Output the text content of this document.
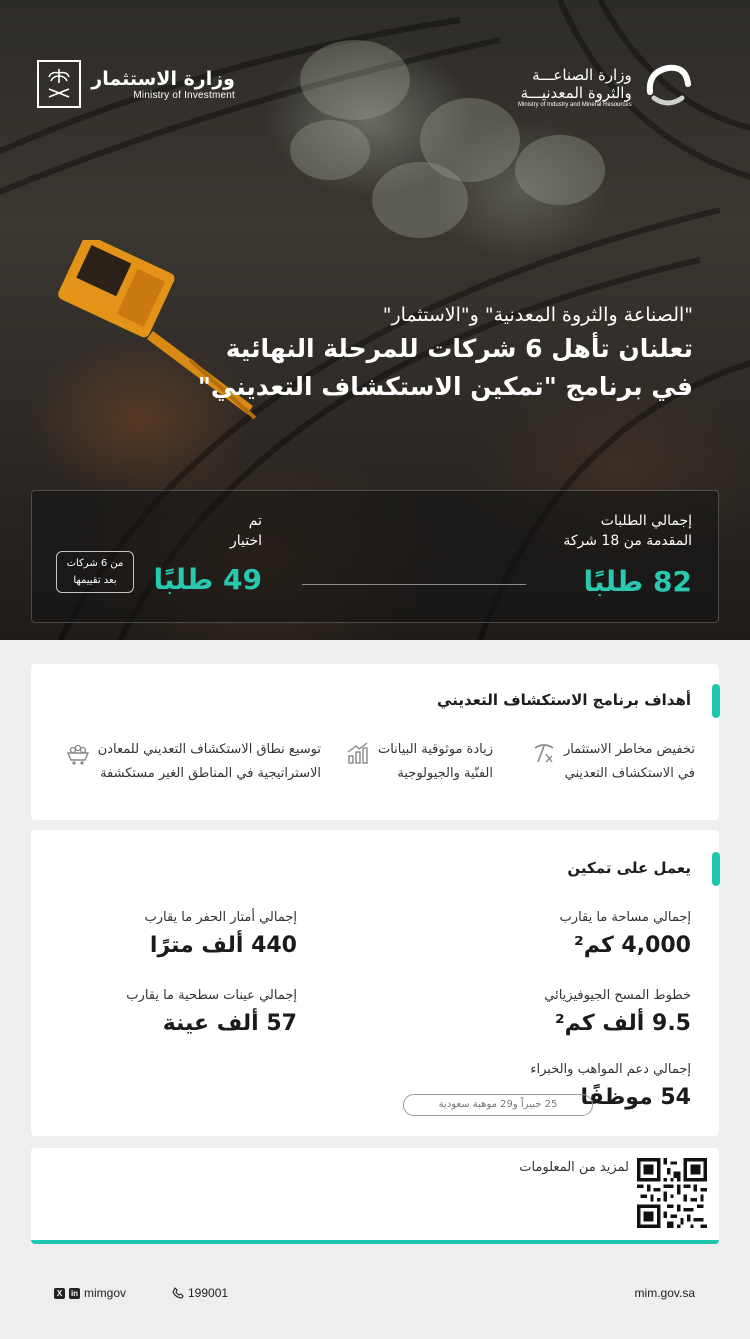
وزارة الاستثمار
Ministry of Investment
وزارة الصناعـــة
والثروة المعدنيـــة
Ministry of Industry and Mineral Resources
"الصناعة والثروة المعدنية" و"الاستثمار"
تعلنان تأهل 6 شركات للمرحلة النهائية
في برنامج "تمكين الاستكشاف التعديني"
إجمالي الطلبات
المقدمة من 18 شركة
82 طلبًا
تم
اختيار
49 طلبًا
من 6 شركات
بعد تقييمها
أهداف برنامج الاستكشاف التعديني
تخفيض مخاطر الاستثمار
في الاستكشاف التعديني
زيادة موثوقية البيانات
الفنّية والجيولوجية
توسيع نطاق الاستكشاف التعديني للمعادن
الاستراتيجية في المناطق الغير مستكشفة
يعمل على تمكين
إجمالي مساحة ما يقارب
4,000 كم²
إجمالي أمتار الحفر ما يقارب
440 ألف مترًا
خطوط المسح الجيوفيزيائي
9.5 ألف كم²
إجمالي عينات سطحية ما يقارب
57 ألف عينة
إجمالي دعم المواهب والخبراء
54 موظفًا
25 خبيراً و29 موهبة سعودية
لمزيد من المعلومات
X	in mimgov	199001	mim.gov.sa
